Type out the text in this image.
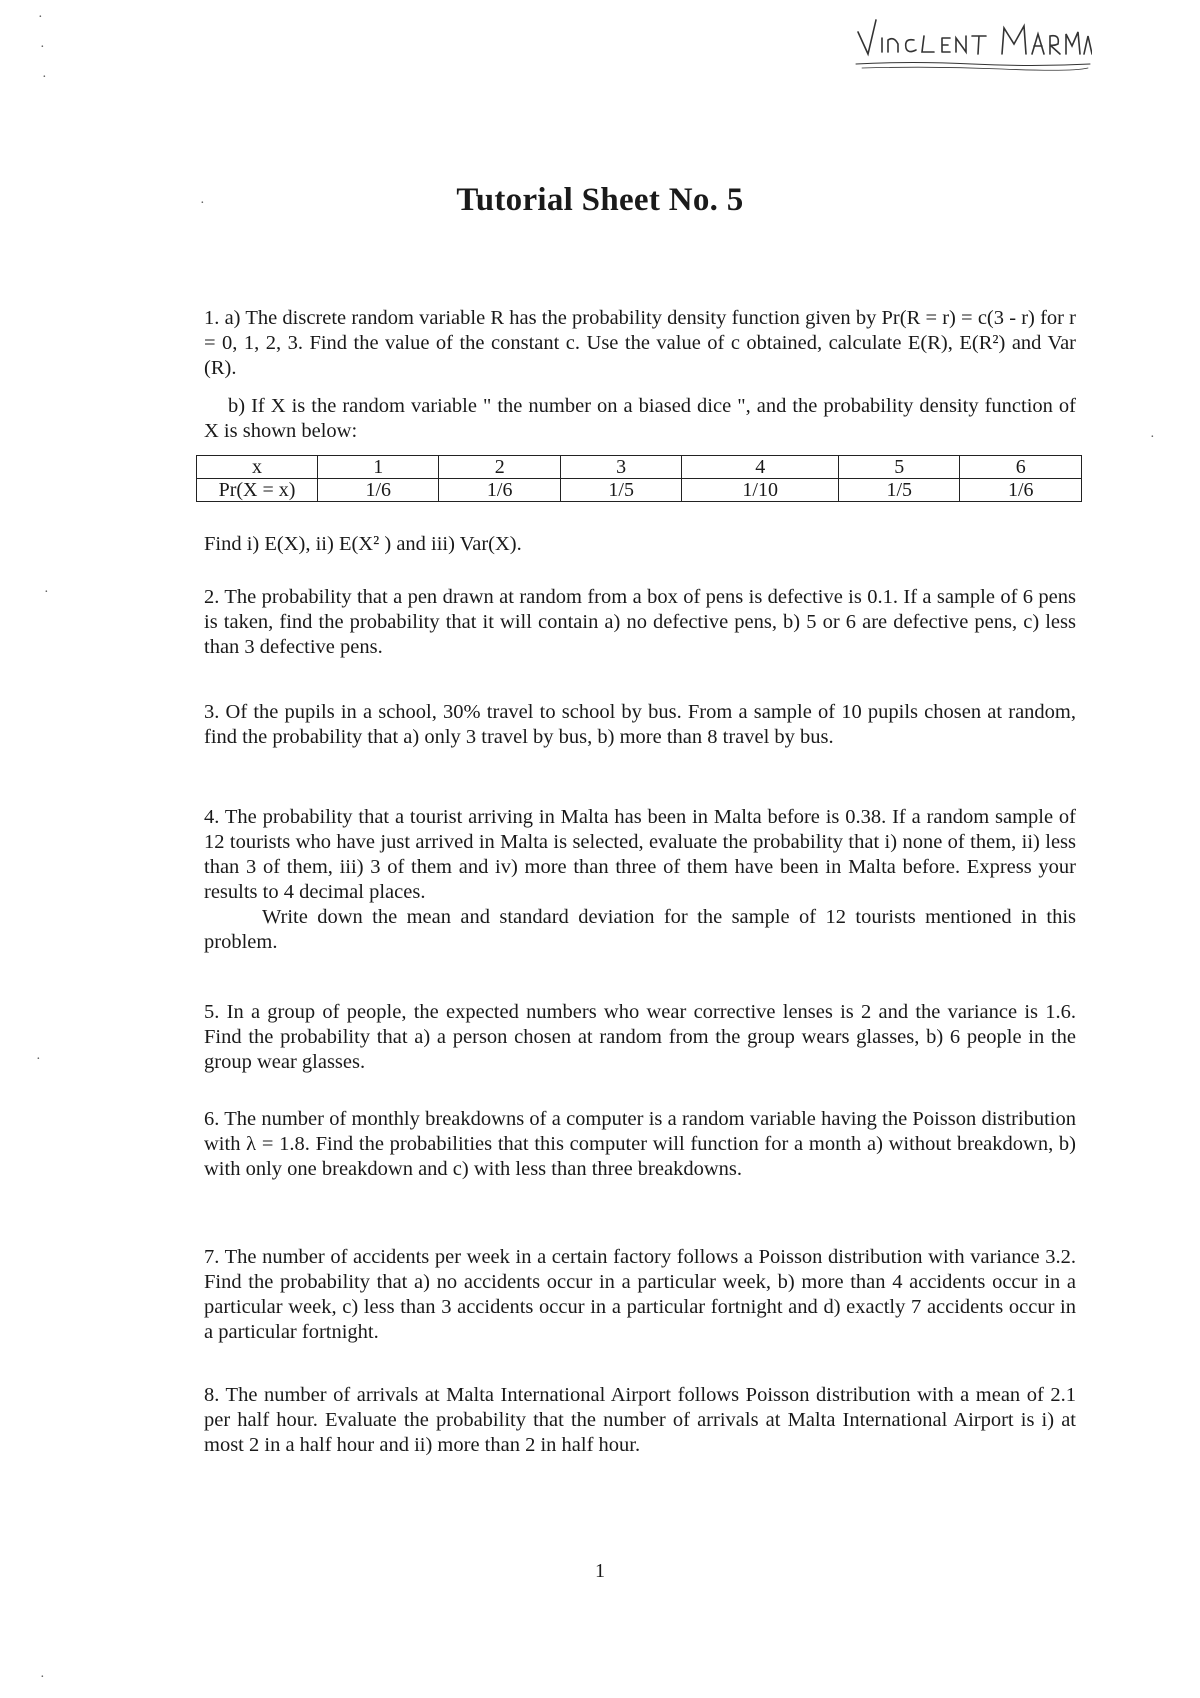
Tutorial Sheet No. 5

1. a) The discrete random variable R has the probability density function given by Pr(R = r) = c(3 - r) for r = 0, 1, 2, 3. Find the value of the constant c. Use the value of c obtained, calculate E(R), E(R²) and Var (R).

b) If X is the random variable " the number on a biased dice ", and the probability density function of X is shown below:

x	1	2	3	4	5	6
Pr(X = x)	1/6	1/6	1/5	1/10	1/5	1/6

Find i) E(X), ii) E(X² ) and iii) Var(X).

2. The probability that a pen drawn at random from a box of pens is defective is 0.1. If a sample of 6 pens is taken, find the probability that it will contain a) no defective pens, b) 5 or 6 are defective pens, c) less than 3 defective pens.

3. Of the pupils in a school, 30% travel to school by bus. From a sample of 10 pupils chosen at random, find the probability that a) only 3 travel by bus, b) more than 8 travel by bus.

4. The probability that a tourist arriving in Malta has been in Malta before is 0.38. If a random sample of 12 tourists who have just arrived in Malta is selected, evaluate the probability that i) none of them, ii) less than 3 of them, iii) 3 of them and iv) more than three of them have been in Malta before. Express your results to 4 decimal places.

Write down the mean and standard deviation for the sample of 12 tourists mentioned in this problem.

5. In a group of people, the expected numbers who wear corrective lenses is 2 and the variance is 1.6. Find the probability that a) a person chosen at random from the group wears glasses, b) 6 people in the group wear glasses.

6. The number of monthly breakdowns of a computer is a random variable having the Poisson distribution with λ = 1.8. Find the probabilities that this computer will function for a month a) without breakdown, b) with only one breakdown and c) with less than three breakdowns.

7. The number of accidents per week in a certain factory follows a Poisson distribution with variance 3.2. Find the probability that a) no accidents occur in a particular week, b) more than 4 accidents occur in a particular week, c) less than 3 accidents occur in a particular fortnight and d) exactly 7 accidents occur in a particular fortnight.

8. The number of arrivals at Malta International Airport follows Poisson distribution with a mean of 2.1 per half hour. Evaluate the probability that the number of arrivals at Malta International Airport is i) at most 2 in a half hour and ii) more than 2 in half hour.

1
·
·
·
·
·
·
·
·
